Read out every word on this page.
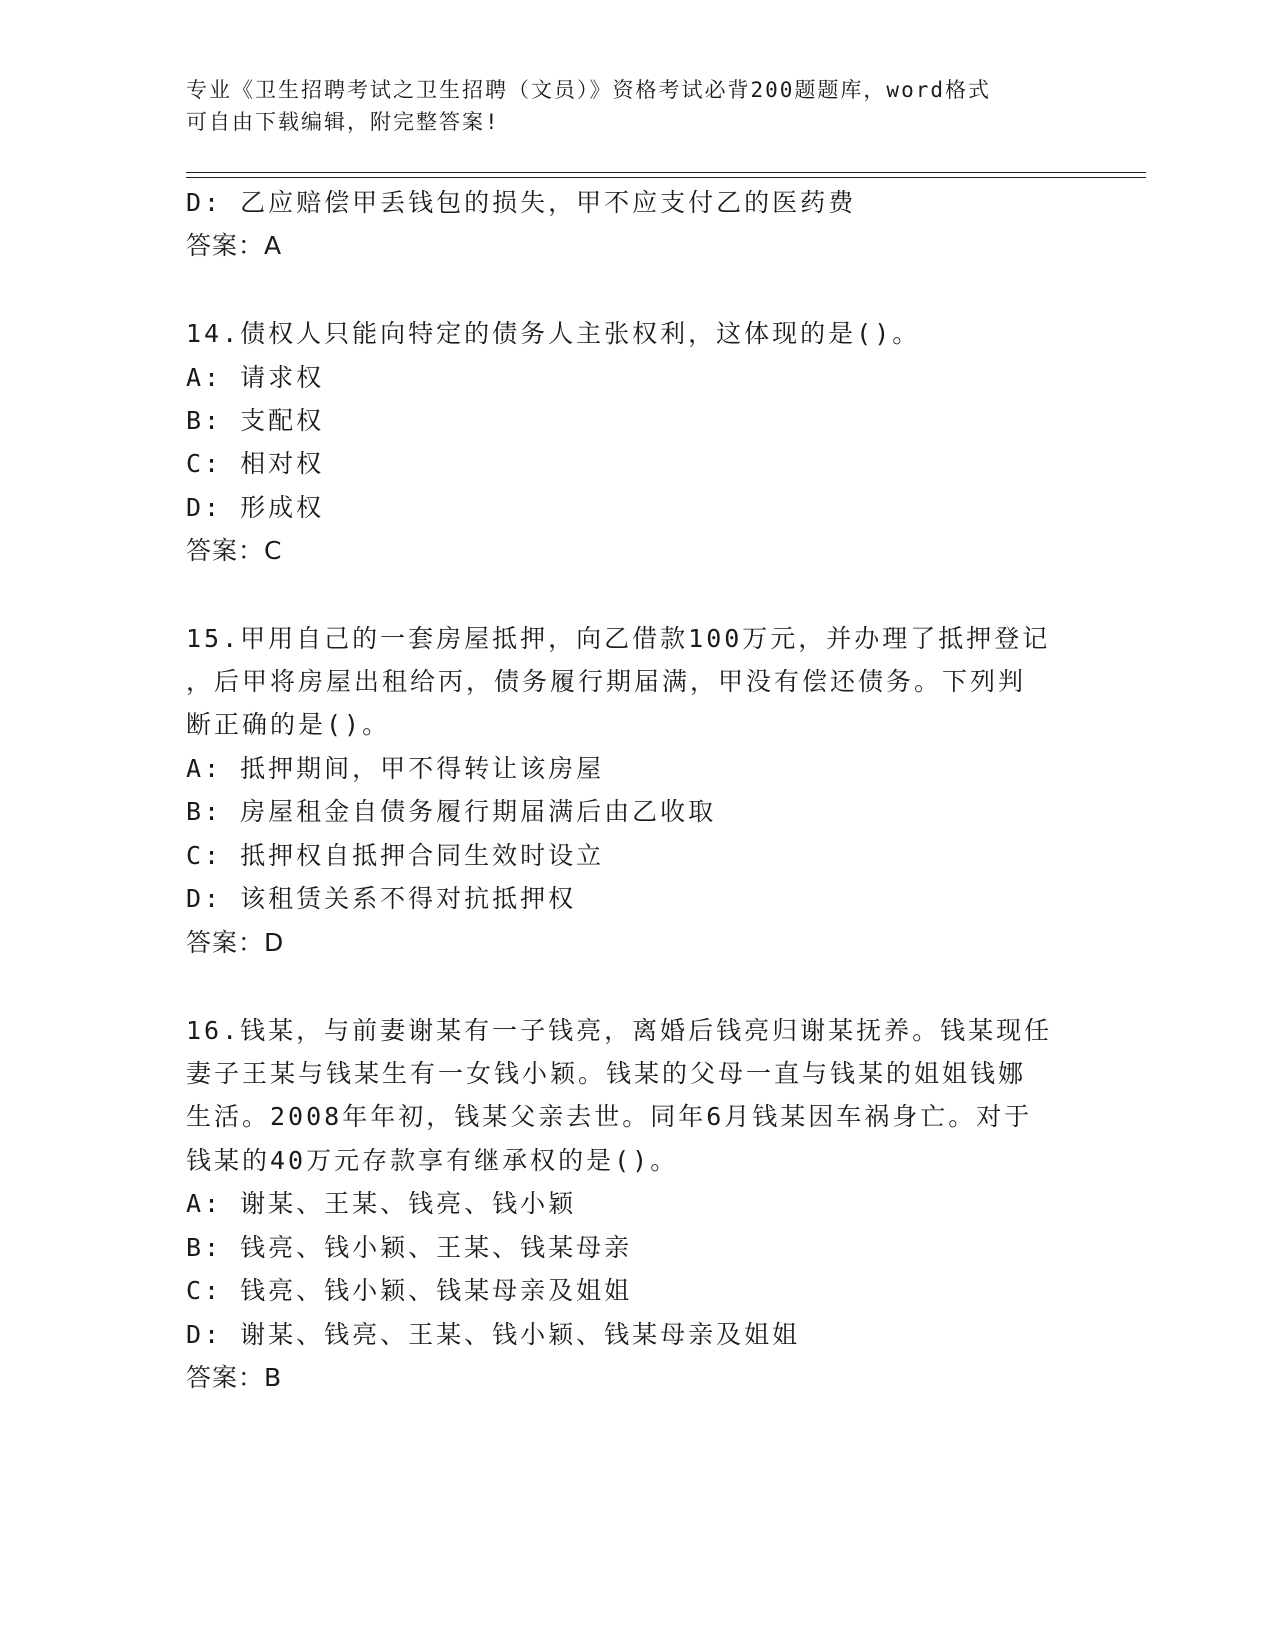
专业《卫生招聘考试之卫生招聘（文员）》资格考试必背200题题库，word格式
可自由下载编辑，附完整答案!
D: 乙应赔偿甲丢钱包的损失，甲不应支付乙的医药费
答案：A
14.债权人只能向特定的债务人主张权利，这体现的是()。
A: 请求权
B: 支配权
C: 相对权
D: 形成权
答案：C
15.甲用自己的一套房屋抵押，向乙借款100万元，并办理了抵押登记
，后甲将房屋出租给丙，债务履行期届满，甲没有偿还债务。下列判
断正确的是()。
A: 抵押期间，甲不得转让该房屋
B: 房屋租金自债务履行期届满后由乙收取
C: 抵押权自抵押合同生效时设立
D: 该租赁关系不得对抗抵押权
答案：D
16.钱某，与前妻谢某有一子钱亮，离婚后钱亮归谢某抚养。钱某现任
妻子王某与钱某生有一女钱小颖。钱某的父母一直与钱某的姐姐钱娜
生活。2008年年初，钱某父亲去世。同年6月钱某因车祸身亡。对于
钱某的40万元存款享有继承权的是()。
A: 谢某、王某、钱亮、钱小颖
B: 钱亮、钱小颖、王某、钱某母亲
C: 钱亮、钱小颖、钱某母亲及姐姐
D: 谢某、钱亮、王某、钱小颖、钱某母亲及姐姐
答案：B
